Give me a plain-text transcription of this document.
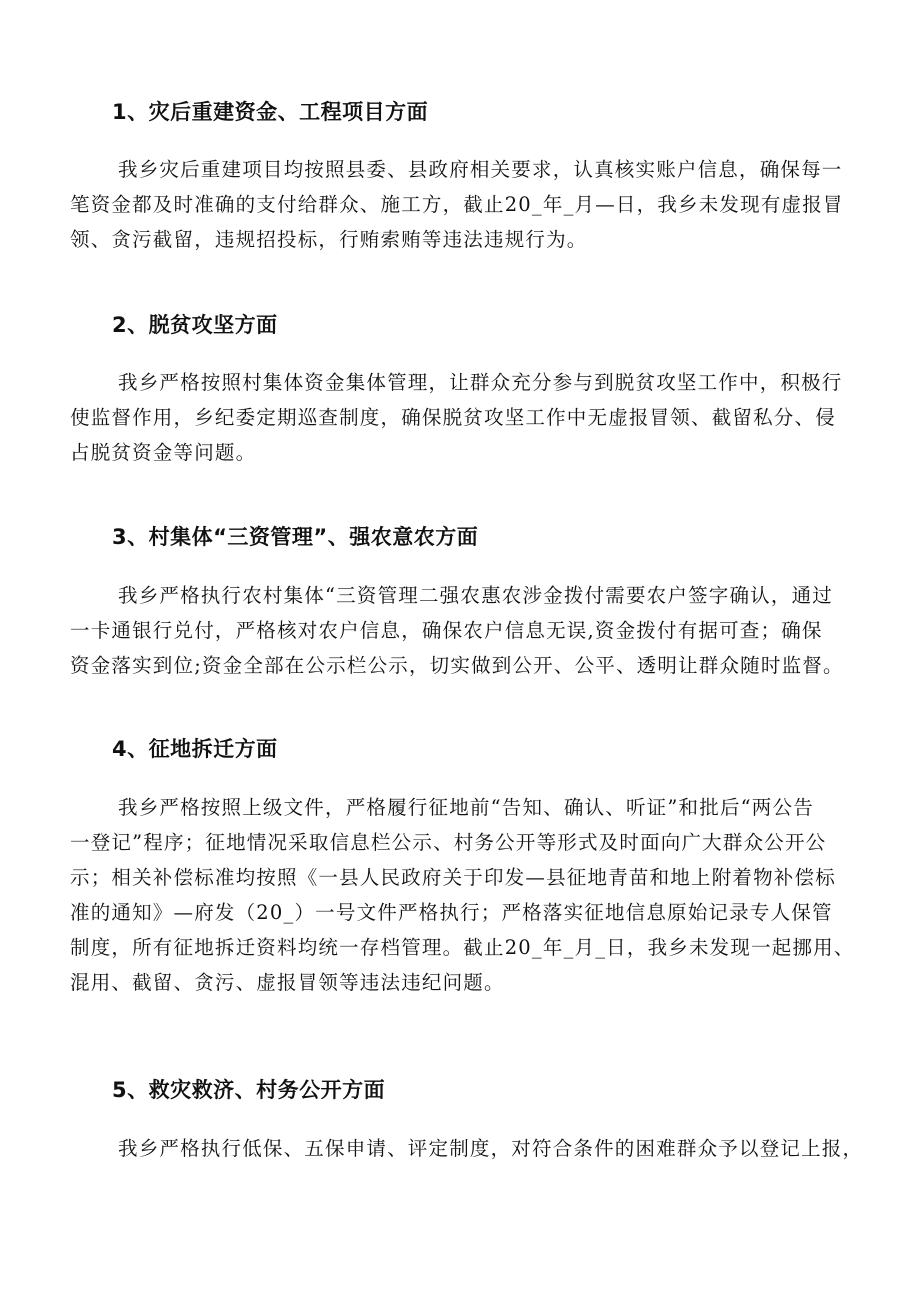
1、灾后重建资金、工程项目方面
我乡灾后重建项目均按照县委、县政府相关要求，认真核实账户信息，确保每一
笔资金都及时准确的支付给群众、施工方，截止20_年_月—日，我乡未发现有虚报冒
领、贪污截留，违规招投标，行贿索贿等违法违规行为。
2、脱贫攻坚方面
我乡严格按照村集体资金集体管理，让群众充分参与到脱贫攻坚工作中，积极行
使监督作用，乡纪委定期巡查制度，确保脱贫攻坚工作中无虚报冒领、截留私分、侵
占脱贫资金等问题。
3、村集体“三资管理”、强农意农方面
我乡严格执行农村集体“三资管理二强农惠农涉金拨付需要农户签字确认，通过
一卡通银行兑付，严格核对农户信息，确保农户信息无误,资金拨付有据可查；确保
资金落实到位;资金全部在公示栏公示，切实做到公开、公平、透明让群众随时监督。
4、征地拆迁方面
我乡严格按照上级文件，严格履行征地前“告知、确认、听证”和批后“两公告
一登记”程序；征地情况采取信息栏公示、村务公开等形式及时面向广大群众公开公
示；相关补偿标准均按照《一县人民政府关于印发—县征地青苗和地上附着物补偿标
准的通知》—府发（20_）一号文件严格执行；严格落实征地信息原始记录专人保管
制度，所有征地拆迁资料均统一存档管理。截止20_年_月_日，我乡未发现一起挪用、
混用、截留、贪污、虚报冒领等违法违纪问题。
5、救灾救济、村务公开方面
我乡严格执行低保、五保申请、评定制度，对符合条件的困难群众予以登记上报，
